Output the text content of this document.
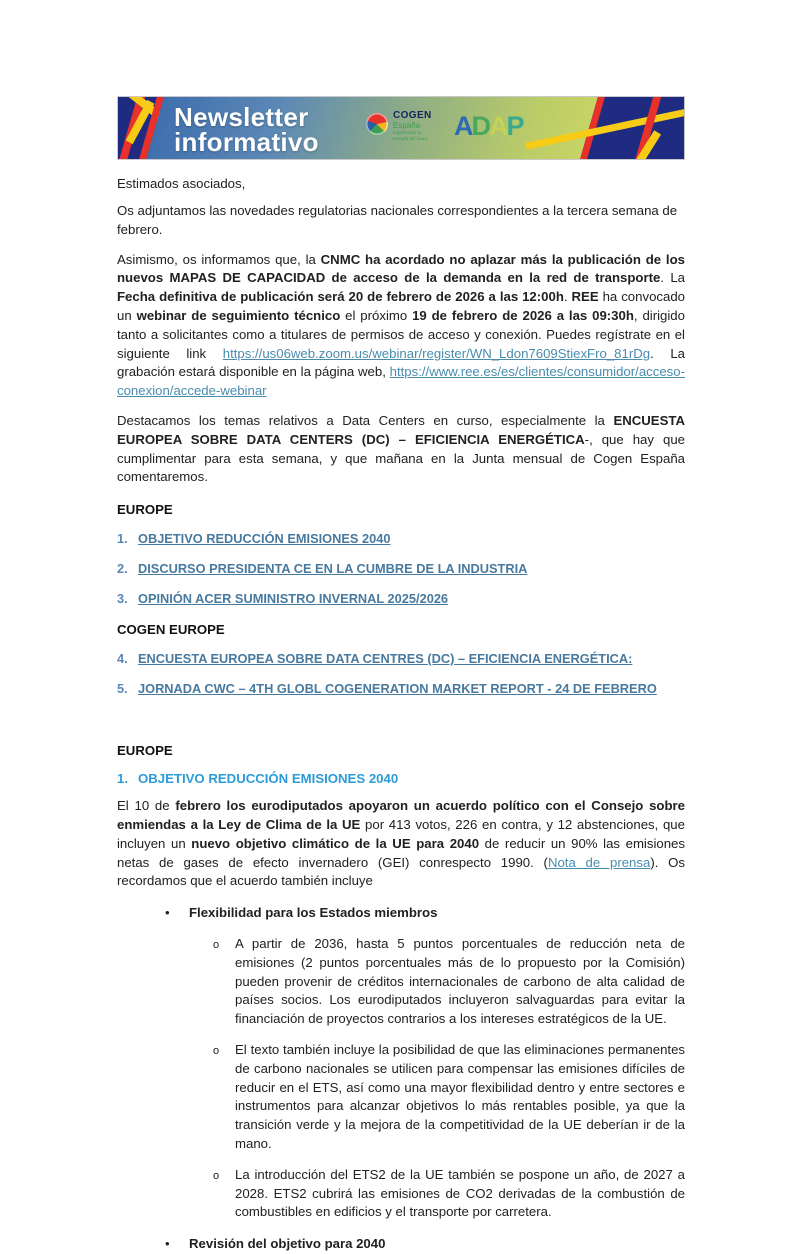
Newsletter
informativo
COGEN
España
Impulsando la
energía del futuro ADAP

Estimados asociados,

Os adjuntamos las novedades regulatorias nacionales correspondientes a la tercera semana de febrero.

Asimismo, os informamos que, la CNMC ha acordado no aplazar más la publicación de los nuevos MAPAS DE CAPACIDAD de acceso de la demanda en la red de transporte. La Fecha definitiva de publicación será 20 de febrero de 2026 a las 12:00h. REE ha convocado un webinar de seguimiento técnico el próximo 19 de febrero de 2026 a las 09:30h, dirigido tanto a solicitantes como a titulares de permisos de acceso y conexión. Puedes regístrate en el siguiente link https://us06web.zoom.us/webinar/register/WN_Ldon7609StiexFro_81rDg. La grabación estará disponible en la página web, https://www.ree.es/es/clientes/consumidor/acceso-conexion/accede-webinar

Destacamos los temas relativos a Data Centers en curso, especialmente la ENCUESTA EUROPEA SOBRE DATA CENTERS (DC) – EFICIENCIA ENERGÉTICA-, que hay que cumplimentar para esta semana, y que mañana en la Junta mensual de Cogen España comentaremos.

EUROPE
1. OBJETIVO REDUCCIÓN EMISIONES 2040
2. DISCURSO PRESIDENTA CE EN LA CUMBRE DE LA INDUSTRIA
3. OPINIÓN ACER SUMINISTRO INVERNAL 2025/2026
COGEN EUROPE
4. ENCUESTA EUROPEA SOBRE DATA CENTRES (DC) – EFICIENCIA ENERGÉTICA:
5. JORNADA CWC – 4TH GLOBL COGENERATION MARKET REPORT - 24 DE FEBRERO
EUROPE
1. OBJETIVO REDUCCIÓN EMISIONES 2040

El 10 de febrero los eurodiputados apoyaron un acuerdo político con el Consejo sobre enmiendas a la Ley de Clima de la UE por 413 votos, 226 en contra, y 12 abstenciones, que incluyen un nuevo objetivo climático de la UE para 2040 de reducir un 90% las emisiones netas de gases de efecto invernadero (GEI) conrespecto 1990. (Nota de prensa). Os recordamos que el acuerdo también incluye

•	Flexibilidad para los Estados miembros
o	A partir de 2036, hasta 5 puntos porcentuales de reducción neta de emisiones (2 puntos porcentuales más de lo propuesto por la Comisión) pueden provenir de créditos internacionales de carbono de alta calidad de países socios. Los eurodiputados incluyeron salvaguardas para evitar la financiación de proyectos contrarios a los intereses estratégicos de la UE.
o	El texto también incluye la posibilidad de que las eliminaciones permanentes de carbono nacionales se utilicen para compensar las emisiones difíciles de reducir en el ETS, así como una mayor flexibilidad dentro y entre sectores e instrumentos para alcanzar objetivos lo más rentables posible, ya que la transición verde y la mejora de la competitividad de la UE deberían ir de la mano.
o	La introducción del ETS2 de la UE también se pospone un año, de 2027 a 2028. ETS2 cubrirá las emisiones de CO2 derivadas de la combustión de combustibles en edificios y el transporte por carretera.
•	Revisión del objetivo para 2040
